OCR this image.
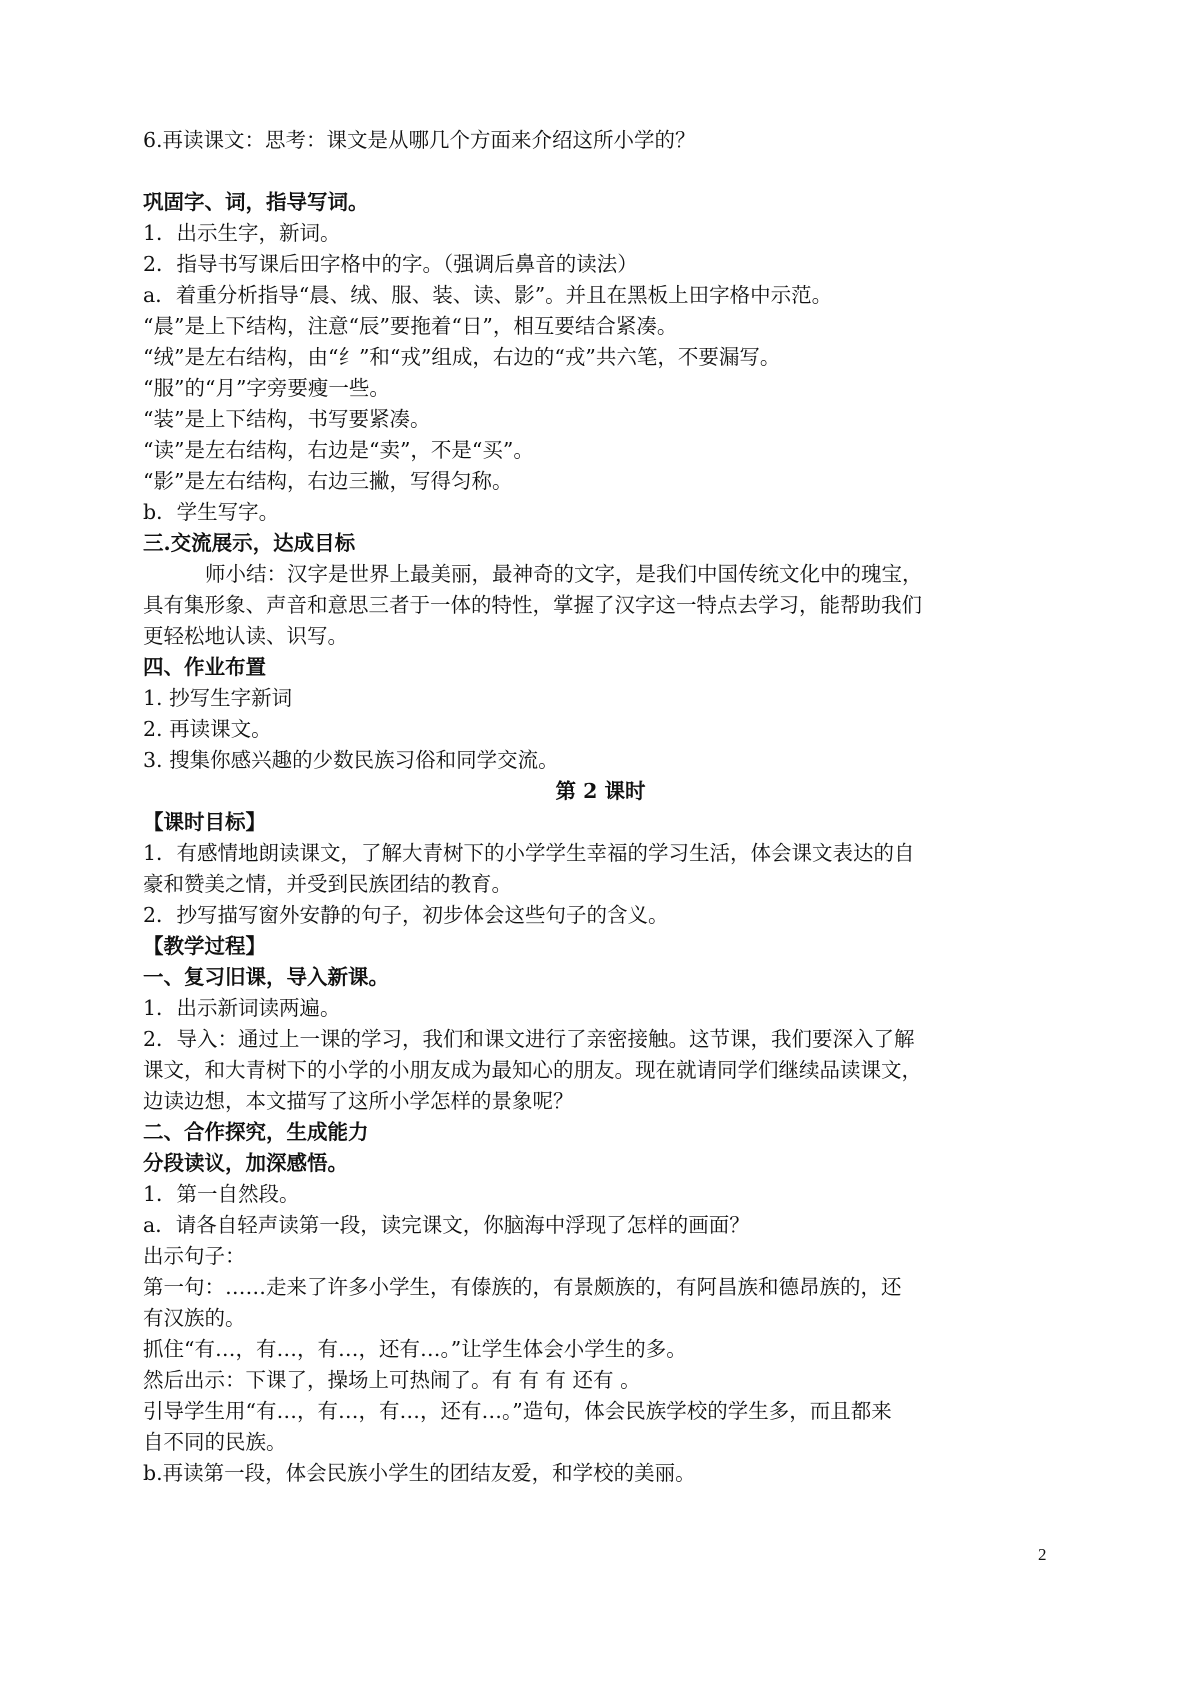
6.再读课文：思考：课文是从哪几个方面来介绍这所小学的？

巩固字、词，指导写词。

1．出示生字，新词。

2．指导书写课后田字格中的字。（强调后鼻音的读法）

a．着重分析指导“晨、绒、服、装、读、影”。并且在黑板上田字格中示范。

“晨”是上下结构，注意“辰”要拖着“日”，相互要结合紧凑。

“绒”是左右结构，由“纟”和“戎”组成，右边的“戎”共六笔，不要漏写。

“服”的“月”字旁要瘦一些。

“装”是上下结构，书写要紧凑。

“读”是左右结构，右边是“卖”，不是“买”。

“影”是左右结构，右边三撇，写得匀称。

b．学生写字。

三.交流展示，达成目标

师小结：汉字是世界上最美丽，最神奇的文字，是我们中国传统文化中的瑰宝，

具有集形象、声音和意思三者于一体的特性，掌握了汉字这一特点去学习，能帮助我们

更轻松地认读、识写。

四、作业布置

1. 抄写生字新词

2. 再读课文。

3. 搜集你感兴趣的少数民族习俗和同学交流。

第 2 课时

【课时目标】

1．有感情地朗读课文，了解大青树下的小学学生幸福的学习生活，体会课文表达的自

豪和赞美之情，并受到民族团结的教育。

2．抄写描写窗外安静的句子，初步体会这些句子的含义。

【教学过程】

一、复习旧课，导入新课。

1．出示新词读两遍。

2．导入：通过上一课的学习，我们和课文进行了亲密接触。这节课，我们要深入了解

课文，和大青树下的小学的小朋友成为最知心的朋友。现在就请同学们继续品读课文，

边读边想，本文描写了这所小学怎样的景象呢？

二、合作探究，生成能力

分段读议，加深感悟。

1．第一自然段。

a．请各自轻声读第一段，读完课文，你脑海中浮现了怎样的画面？

出示句子：

第一句：……走来了许多小学生，有傣族的，有景颇族的，有阿昌族和德昂族的，还

有汉族的。

抓住“有…，有…，有…，还有…。”让学生体会小学生的多。

然后出示：下课了，操场上可热闹了。有 有 有 还有 。

引导学生用“有…，有…，有…，还有…。”造句，体会民族学校的学生多，而且都来

自不同的民族。

b.再读第一段，体会民族小学生的团结友爱，和学校的美丽。

2
